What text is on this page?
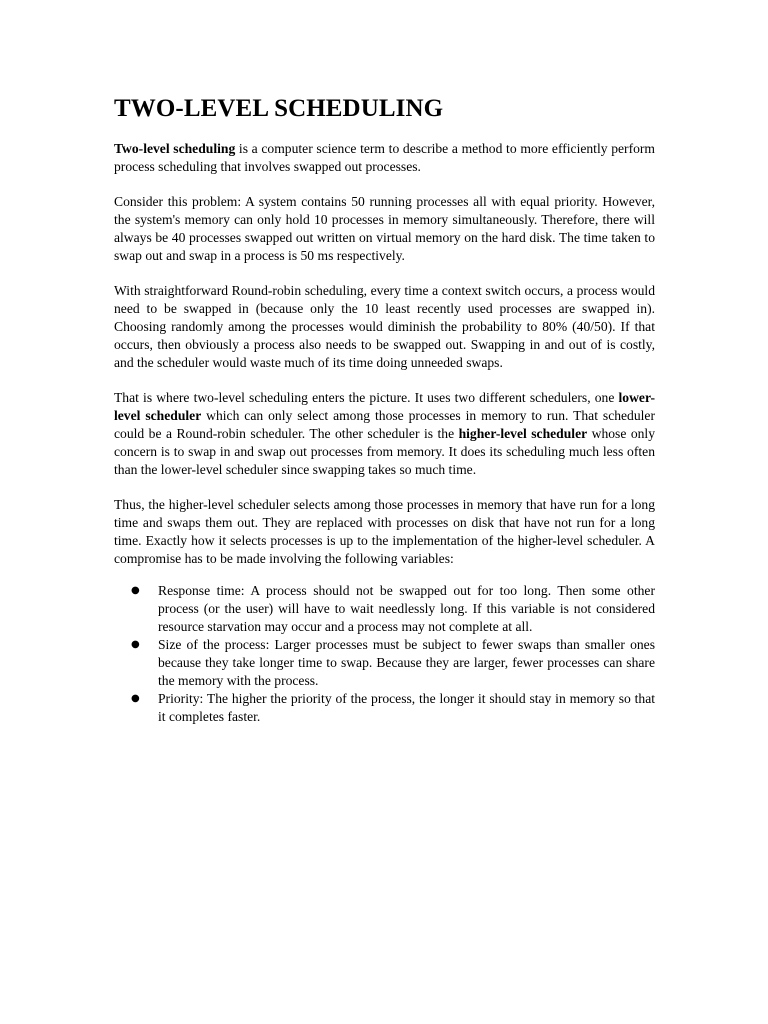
TWO-LEVEL SCHEDULING

Two-level scheduling is a computer science term to describe a method to more efficiently perform process scheduling that involves swapped out processes.

Consider this problem: A system contains 50 running processes all with equal priority. However, the system's memory can only hold 10 processes in memory simultaneously. Therefore, there will always be 40 processes swapped out written on virtual memory on the hard disk. The time taken to swap out and swap in a process is 50 ms respectively.

With straightforward Round-robin scheduling, every time a context switch occurs, a process would need to be swapped in (because only the 10 least recently used processes are swapped in). Choosing randomly among the processes would diminish the probability to 80% (40/50). If that occurs, then obviously a process also needs to be swapped out. Swapping in and out of is costly, and the scheduler would waste much of its time doing unneeded swaps.

That is where two-level scheduling enters the picture. It uses two different schedulers, one lower-level scheduler which can only select among those processes in memory to run. That scheduler could be a Round-robin scheduler. The other scheduler is the higher-level scheduler whose only concern is to swap in and swap out processes from memory. It does its scheduling much less often than the lower-level scheduler since swapping takes so much time.

Thus, the higher-level scheduler selects among those processes in memory that have run for a long time and swaps them out. They are replaced with processes on disk that have not run for a long time. Exactly how it selects processes is up to the implementation of the higher-level scheduler. A compromise has to be made involving the following variables:

● Response time: A process should not be swapped out for too long. Then some other process (or the user) will have to wait needlessly long. If this variable is not considered resource starvation may occur and a process may not complete at all.
● Size of the process: Larger processes must be subject to fewer swaps than smaller ones because they take longer time to swap. Because they are larger, fewer processes can share the memory with the process.
● Priority: The higher the priority of the process, the longer it should stay in memory so that it completes faster.
